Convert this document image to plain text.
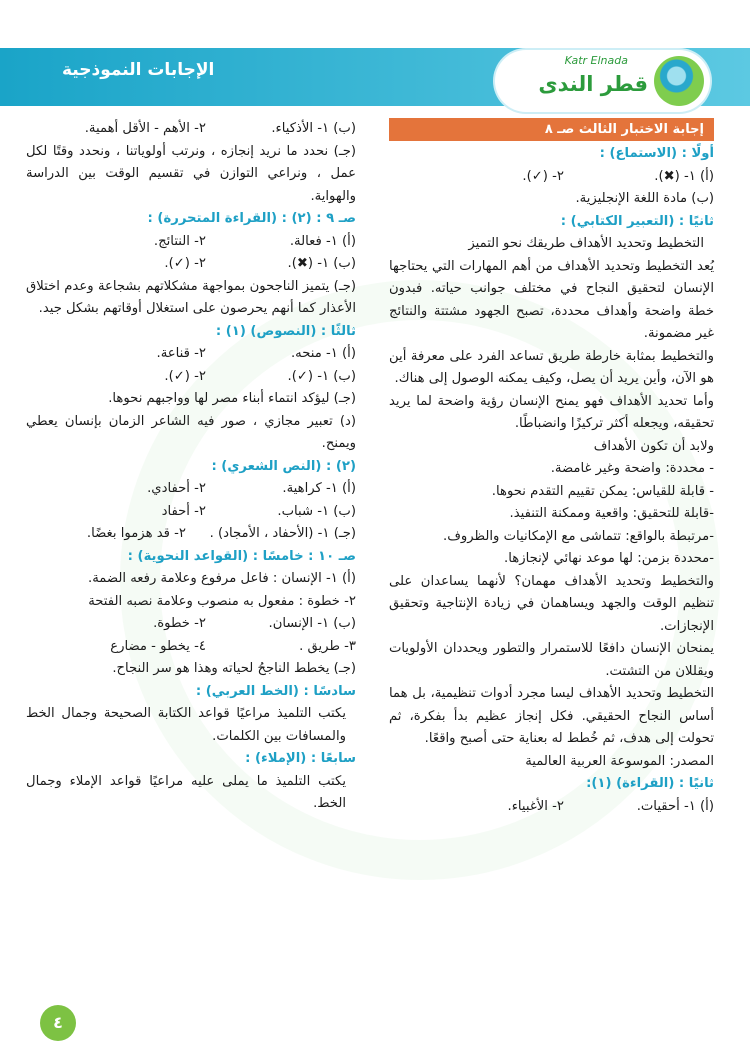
الإجابات النموذجية	Katr Elnada
قطر الندى
إجابة الاختبار الثالث صـ ٨

أولًا : (الاستماع) :

(أ) ١- (✖).
٢- (✓).

(ب) مادة اللغة الإنجليزية.

ثانيًا : (التعبير الكتابي) :

التخطيط وتحديد الأهداف طريقك نحو التميز

يُعد التخطيط وتحديد الأهداف من أهم المهارات التي يحتاجها الإنسان لتحقيق النجاح في مختلف جوانب حياته. فبدون خطة واضحة وأهداف محددة، تصبح الجهود مشتتة والنتائج غير مضمونة.

والتخطيط بمثابة خارطة طريق تساعد الفرد على معرفة أين هو الآن، وأين يريد أن يصل، وكيف يمكنه الوصول إلى هناك.

وأما تحديد الأهداف فهو يمنح الإنسان رؤية واضحة لما يريد تحقيقه، ويجعله أكثر تركيزًا وانضباطًا.

ولابد أن تكون الأهداف

- محددة: واضحة وغير غامضة.

- قابلة للقياس: يمكن تقييم التقدم نحوها.

-قابلة للتحقيق: واقعية وممكنة التنفيذ.

-مرتبطة بالواقع: تتماشى مع الإمكانيات والظروف.

-محددة بزمن: لها موعد نهائي لإنجازها.

والتخطيط وتحديد الأهداف مهمان؟ لأنهما يساعدان على تنظيم الوقت والجهد ويساهمان في زيادة الإنتاجية وتحقيق الإنجازات.

يمنحان الإنسان دافعًا للاستمرار والتطور ويحددان الأولويات ويقللان من التشتت.

التخطيط وتحديد الأهداف ليسا مجرد أدوات تنظيمية، بل هما أساس النجاح الحقيقي. فكل إنجاز عظيم بدأ بفكرة، ثم تحولت إلى هدف، ثم خُطط له بعناية حتى أصبح واقعًا.

المصدر: الموسوعة العربية العالمية

ثانيًا : (القراءة) (١):

(أ) ١- أحقيات.
٢- الأغبياء.

(ب) ١- الأذكياء.
٢- الأهم - الأقل أهمية.

(جـ) نحدد ما نريد إنجازه ، ونرتب أولوياتنا ، ونحدد وقتًا لكل عمل ، ونراعي التوازن في تقسيم الوقت بين الدراسة والهواية.

صـ ٩ : (٢) : (القراءة المتحررة) :

(أ) ١- فعالة.
٢- النتائج.

(ب) ١- (✖).
٢- (✓).

(جـ) يتميز الناجحون بمواجهة مشكلاتهم بشجاعة وعدم اختلاق الأعذار كما أنهم يحرصون على استغلال أوقاتهم بشكل جيد.

ثالثًا : (النصوص) (١) :

(أ) ١- منحه.
٢- قناعة.

(ب) ١- (✓).
٢- (✓).

(جـ) ليؤكد انتماء أبناء مصر لها وواجبهم نحوها.

(د) تعبير مجازي ، صور فيه الشاعر الزمان بإنسان يعطي ويمنح.

(٢) : (النص الشعري) :

(أ) ١- كراهية.
٢- أحفادي.

(ب) ١- شباب.
٢- أحفاد

(جـ) ١- (الأحفاد ، الأمجاد) .
٢- قد هزموا بغضًا.

صـ ١٠ : خامسًا : (القواعد النحوية) :

(أ) ١- الإنسان : فاعل مرفوع وعلامة رفعه الضمة.

٢- خطوة : مفعول به منصوب وعلامة نصبه الفتحة

(ب) ١- الإنسان.
٢- خطوة.

٣- طريق .
٤- يخطو - مضارع

(جـ) يخطط الناجحُ لحياته وهذا هو سر النجاح.

سادسًا : (الخط العربي) :

يكتب التلميذ مراعيًا قواعد الكتابة الصحيحة وجمال الخط والمسافات بين الكلمات.

سابعًا : (الإملاء) :

يكتب التلميذ ما يملى عليه مراعيًا قواعد الإملاء وجمال الخط.

٤
